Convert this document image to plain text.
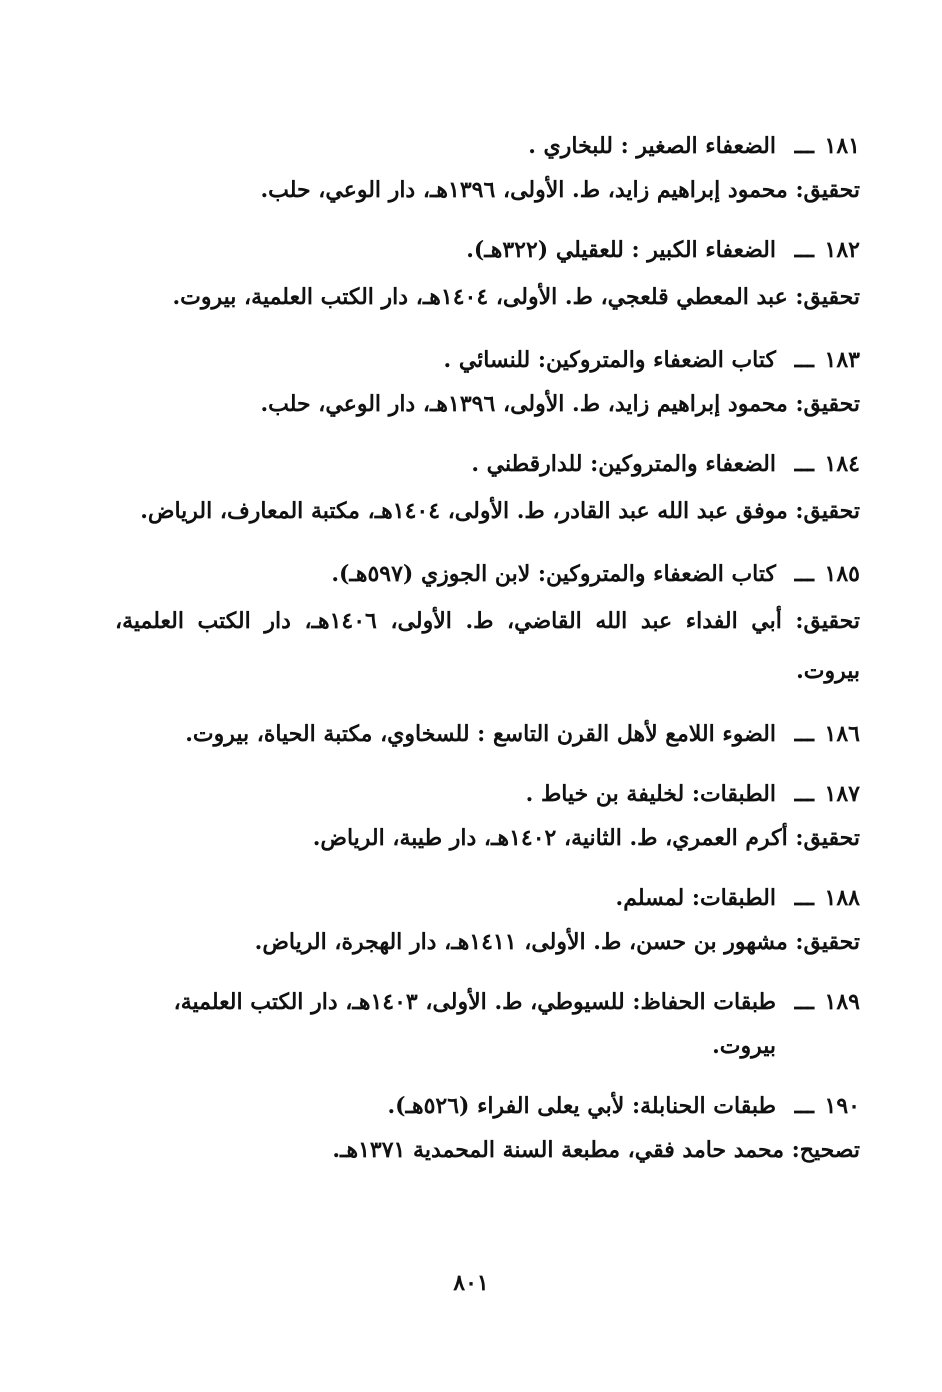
١٨١ـــ

الضعفاء الصغير : للبخاري .

تحقيق: محمود إبراهيم زايد، ط. الأولى، ١٣٩٦هـ، دار الوعي، حلب.

١٨٢ـــ

الضعفاء الكبير : للعقيلي (٣٢٢هـ).

تحقيق: عبد المعطي قلعجي، ط. الأولى، ١٤٠٤هـ، دار الكتب العلمية، بيروت.

١٨٣ـــ

كتاب الضعفاء والمتروكين: للنسائي .

تحقيق: محمود إبراهيم زايد، ط. الأولى، ١٣٩٦هـ، دار الوعي، حلب.

١٨٤ـــ

الضعفاء والمتروكين: للدارقطني .

تحقيق: موفق عبد الله عبد القادر، ط. الأولى، ١٤٠٤هـ، مكتبة المعارف، الرياض.

١٨٥ـــ

كتاب الضعفاء والمتروكين: لابن الجوزي (٥٩٧هـ).

تحقيق: أبي الفداء عبد الله القاضي، ط. الأولى، ١٤٠٦هـ، دار الكتب العلمية، بيروت.

١٨٦ـــ

الضوء اللامع لأهل القرن التاسع : للسخاوي، مكتبة الحياة، بيروت.

١٨٧ـــ

الطبقات: لخليفة بن خياط .

تحقيق: أكرم العمري، ط. الثانية، ١٤٠٢هـ، دار طيبة، الرياض.

١٨٨ـــ

الطبقات: لمسلم.

تحقيق: مشهور بن حسن، ط. الأولى، ١٤١١هـ، دار الهجرة، الرياض.

١٨٩ـــ

طبقات الحفاظ: للسيوطي، ط. الأولى، ١٤٠٣هـ، دار الكتب العلمية، بيروت.

١٩٠ـــ

طبقات الحنابلة: لأبي يعلى الفراء (٥٢٦هـ).

تصحيح: محمد حامد فقي، مطبعة السنة المحمدية ١٣٧١هـ.

٨٠١
